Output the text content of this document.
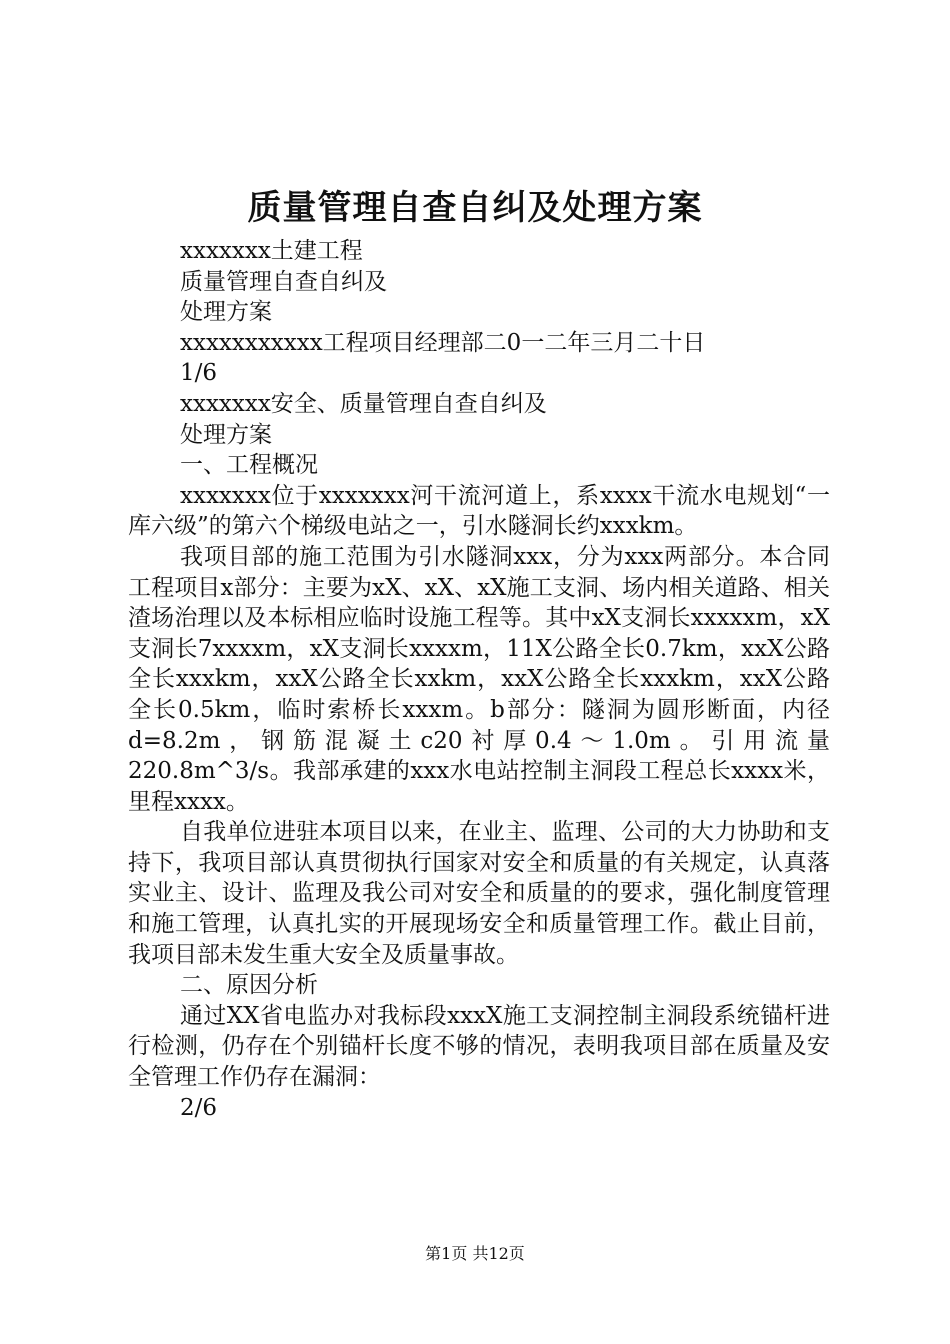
质量管理自查自纠及处理方案
xxxxxxx土建工程
质量管理自查自纠及
处理方案
xxxxxxxxxxx工程项目经理部二0一二年三月二十日
1/6
xxxxxxx安全、质量管理自查自纠及
处理方案
一、工程概况
xxxxxxx位于xxxxxxx河干流河道上，系xxxx干流水电规划“一库六级”的第六个梯级电站之一，引水隧洞长约xxxkm。
我项目部的施工范围为引水隧洞xxx，分为xxx两部分。本合同工程项目x部分：主要为xX、xX、xX施工支洞、场内相关道路、相关渣场治理以及本标相应临时设施工程等。其中xX支洞长xxxxxm，xX支洞长7xxxxm，xX支洞长xxxxm，11X公路全长0.7km，xxX公路全长xxxkm，xxX公路全长xxkm，xxX公路全长xxxkm，xxX公路全长0.5km，临时索桥长xxxm。b部分：隧洞为圆形断面，内径d=8.2m，钢筋混凝土c20衬厚0.4～1.0m。引用流量220.8m^3/s。我部承建的xxx水电站控制主洞段工程总长xxxx米，里程xxxx。
自我单位进驻本项目以来，在业主、监理、公司的大力协助和支持下，我项目部认真贯彻执行国家对安全和质量的有关规定，认真落实业主、设计、监理及我公司对安全和质量的的要求，强化制度管理和施工管理，认真扎实的开展现场安全和质量管理工作。截止目前，我项目部未发生重大安全及质量事故。
二、原因分析
通过XX省电监办对我标段xxxX施工支洞控制主洞段系统锚杆进行检测，仍存在个别锚杆长度不够的情况，表明我项目部在质量及安全管理工作仍存在漏洞：
2/6
第1页 共12页
